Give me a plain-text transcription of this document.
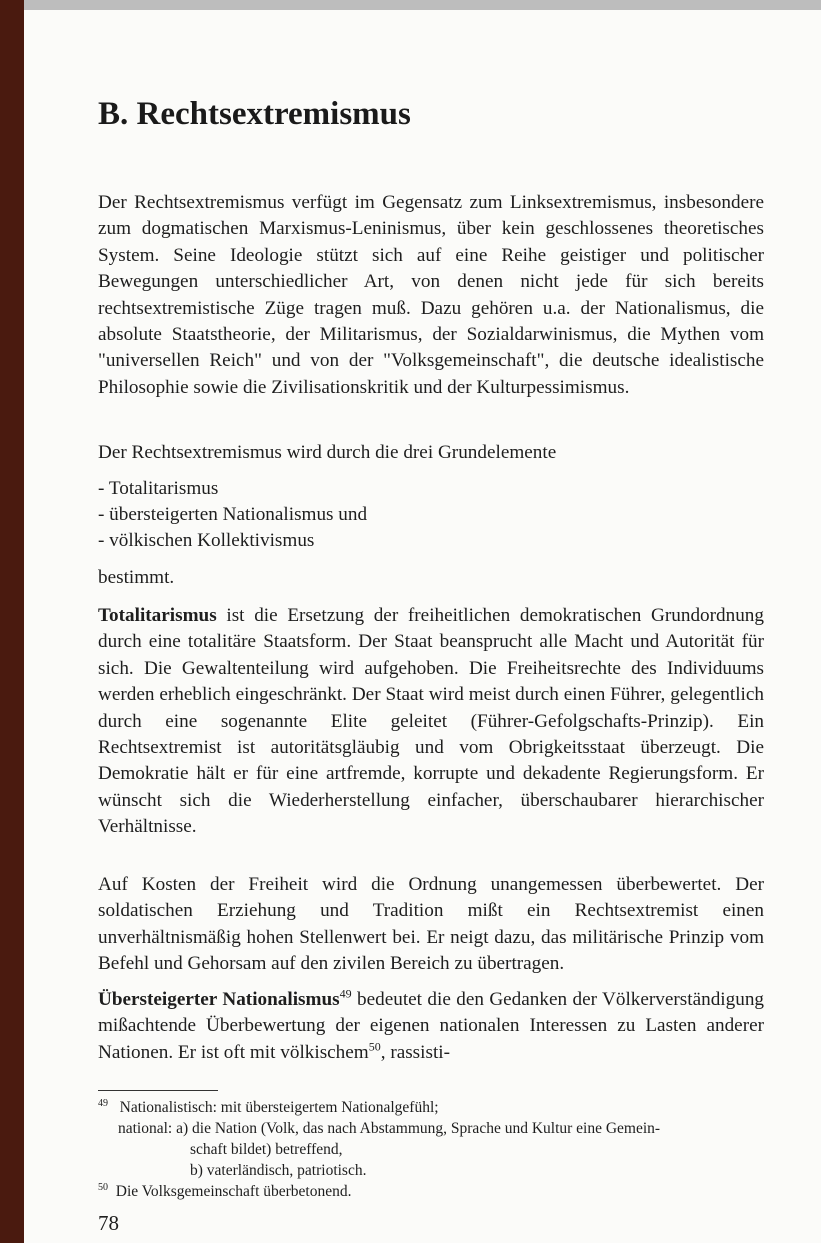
B. Rechtsextremismus

Der Rechtsextremismus verfügt im Gegensatz zum Linksextremismus, insbesondere zum dogmatischen Marxismus-Leninismus, über kein geschlossenes theoretisches System. Seine Ideologie stützt sich auf eine Reihe geistiger und politischer Bewegungen unterschiedlicher Art, von denen nicht jede für sich bereits rechtsextremistische Züge tragen muß. Dazu gehören u.a. der Nationalismus, die absolute Staatstheorie, der Militarismus, der Sozialdarwinismus, die Mythen vom "universellen Reich" und von der "Volksgemeinschaft", die deutsche idealistische Philosophie sowie die Zivilisationskritik und der Kulturpessimismus.

Der Rechtsextremismus wird durch die drei Grundelemente

- Totalitarismus
- übersteigerten Nationalismus und
- völkischen Kollektivismus
bestimmt.

Totalitarismus ist die Ersetzung der freiheitlichen demokratischen Grundordnung durch eine totalitäre Staatsform. Der Staat beansprucht alle Macht und Autorität für sich. Die Gewaltenteilung wird aufgehoben. Die Freiheitsrechte des Individuums werden erheblich eingeschränkt. Der Staat wird meist durch einen Führer, gelegentlich durch eine sogenannte Elite geleitet (Führer-Gefolgschafts-Prinzip). Ein Rechtsextremist ist autoritätsgläubig und vom Obrigkeitsstaat überzeugt. Die Demokratie hält er für eine artfremde, korrupte und dekadente Regierungsform. Er wünscht sich die Wiederherstellung einfacher, überschaubarer hierarchischer Verhältnisse.

Auf Kosten der Freiheit wird die Ordnung unangemessen überbewertet. Der soldatischen Erziehung und Tradition mißt ein Rechtsextremist einen unverhältnismäßig hohen Stellenwert bei. Er neigt dazu, das militärische Prinzip vom Befehl und Gehorsam auf den zivilen Bereich zu übertragen.

Übersteigerter Nationalismus$^{49}$ bedeutet die den Gedanken der Völkerverständigung mißachtende Überbewertung der eigenen nationalen Interessen zu Lasten anderer Nationen. Er ist oft mit völkischem$^{50}$, rassisti-

$^{49}$ Nationalistisch: mit übersteigertem Nationalgefühl;
national: a) die Nation (Volk, das nach Abstammung, Sprache und Kultur eine Gemein-
schaft bildet) betreffend,
b) vaterländisch, patriotisch.
$^{50}$ Die Volksgemeinschaft überbetonend.
78
